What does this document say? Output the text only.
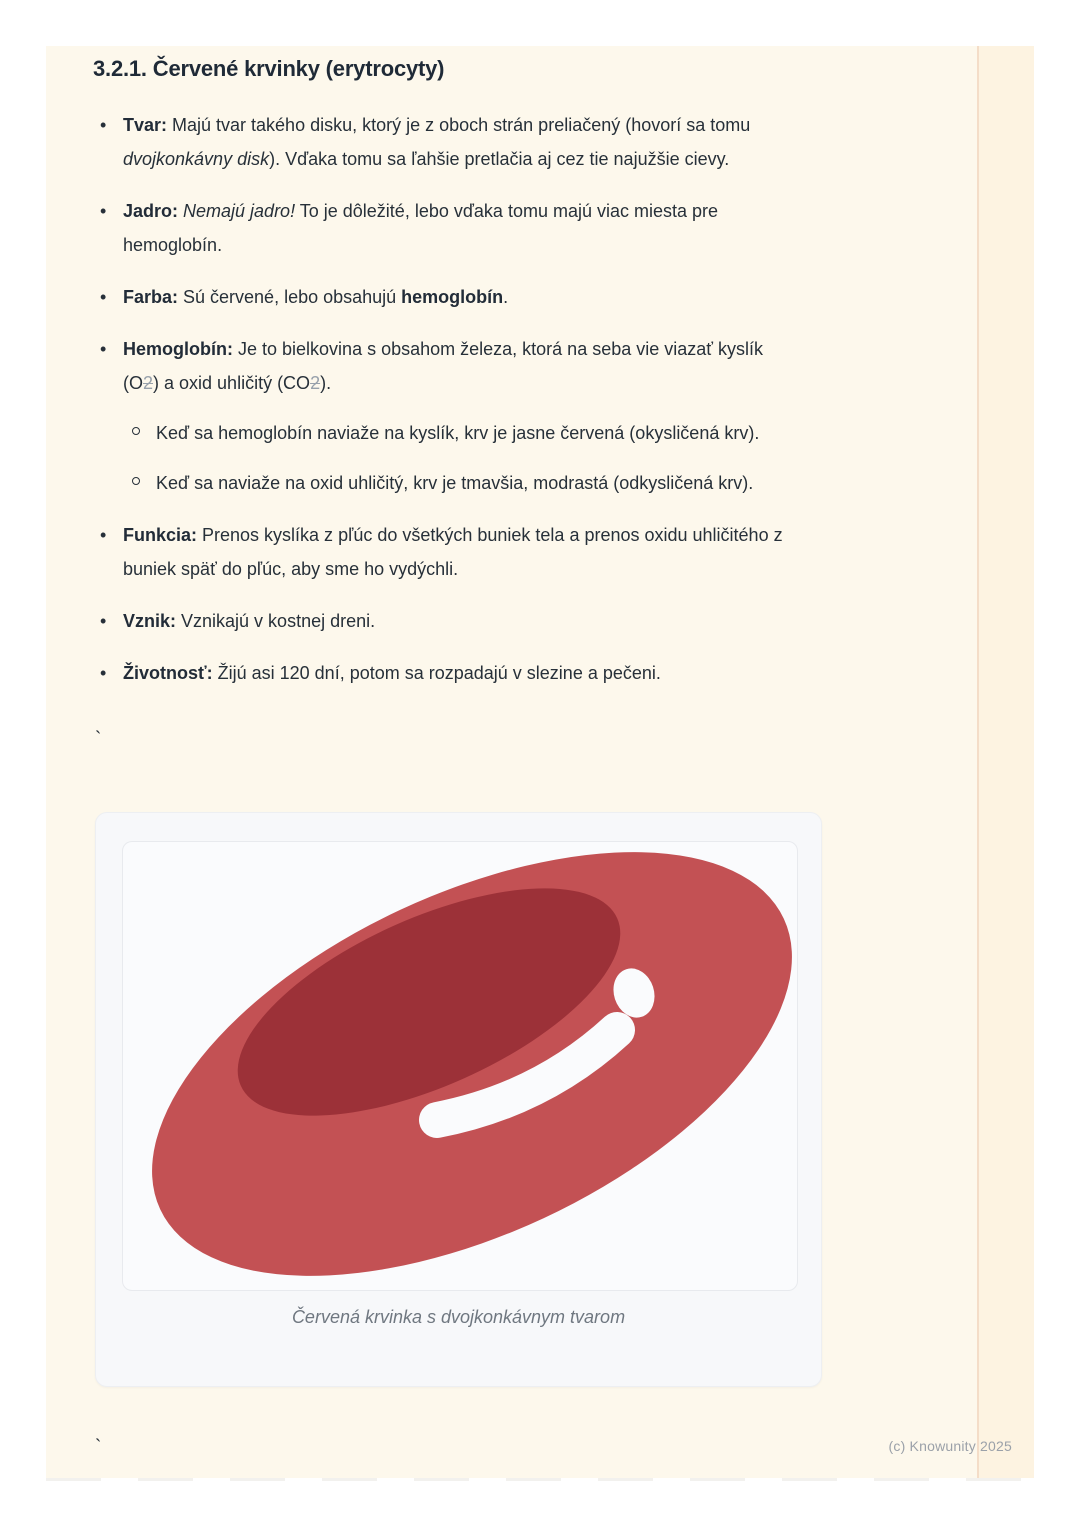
3.2.1. Červené krvinky (erytrocyty)
• Tvar: Majú tvar takého disku, ktorý je z oboch strán preliačený (hovorí sa tomu dvojkonkávny disk). Vďaka tomu sa ľahšie pretlačia aj cez tie najužšie cievy.

• Jadro: Nemajú jadro! To je dôležité, lebo vďaka tomu majú viac miesta pre hemoglobín.

• Farba: Sú červené, lebo obsahujú hemoglobín.

• Hemoglobín: Je to bielkovina s obsahom železa, ktorá na seba vie viazať kyslík (O2) a oxid uhličitý (CO2).

Keď sa hemoglobín naviaže na kyslík, krv je jasne červená (okysličená krv).

Keď sa naviaže na oxid uhličitý, krv je tmavšia, modrastá (odkysličená krv).

• Funkcia: Prenos kyslíka z pľúc do všetkých buniek tela a prenos oxidu uhličitého z buniek späť do pľúc, aby sme ho vydýchli.

• Vznik: Vznikajú v kostnej dreni.

• Životnosť: Žijú asi 120 dní, potom sa rozpadajú v slezine a pečeni.

`
Červená krvinka s dvojkonkávnym tvarom
`	(c) Knowunity 2025
